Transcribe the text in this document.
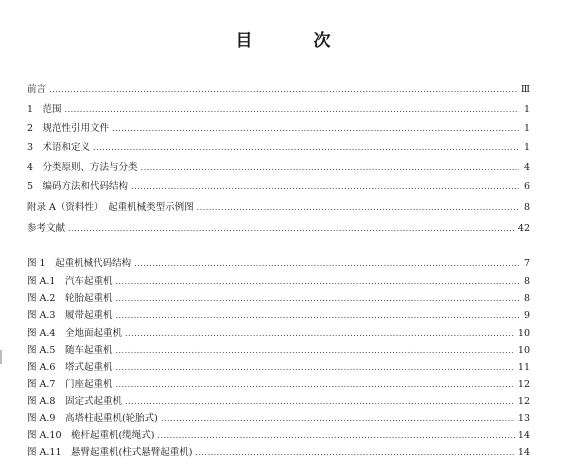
目　次
前言 .....	Ⅲ
1　范围 .....	1
2　规范性引用文件 .....	1
3　术语和定义 .....	1
4　分类原则、方法与分类 .....	4
5　编码方法和代码结构 .....	6
附录 A（资料性）　起重机械类型示例图 .....	8
参考文献 .....	42
图 1　起重机械代码结构 .....	7
图 A.1　汽车起重机 .....	8
图 A.2　轮胎起重机 .....	8
图 A.3　履带起重机 .....	9
图 A.4　全地面起重机 .....	10
图 A.5　随车起重机 .....	10
图 A.6　塔式起重机 .....	11
图 A.7　门座起重机 .....	12
图 A.8　固定式起重机 .....	12
图 A.9　高塔柱起重机(轮胎式) .....	13
图 A.10　桅杆起重机(缆绳式) .....	14
图 A.11　悬臂起重机(柱式悬臂起重机) .....	14
